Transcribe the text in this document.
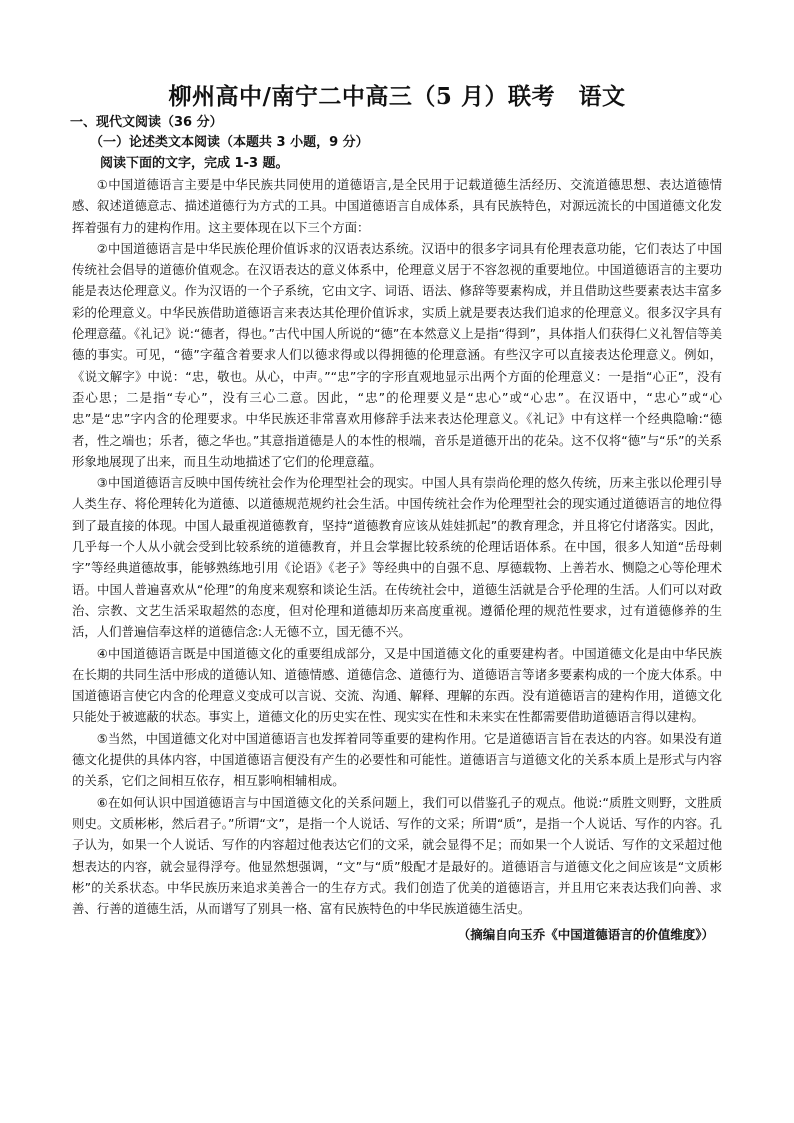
柳州高中/南宁二中高三（5 月）联考　语文

一、现代文阅读（36 分）

（一）论述类文本阅读（本题共 3 小题，9 分）

阅读下面的文字，完成 1-3 题。

①中国道德语言主要是中华民族共同使用的道德语言,是全民用于记载道德生活经历、交流道德思想、表达道德情感、叙述道德意志、描述道德行为方式的工具。中国道德语言自成体系，具有民族特色，对源远流长的中国道德文化发挥着强有力的建构作用。这主要体现在以下三个方面：

②中国道德语言是中华民族伦理价值诉求的汉语表达系统。汉语中的很多字词具有伦理表意功能，它们表达了中国传统社会倡导的道德价值观念。在汉语表达的意义体系中，伦理意义居于不容忽视的重要地位。中国道德语言的主要功能是表达伦理意义。作为汉语的一个子系统，它由文字、词语、语法、修辞等要素构成，并且借助这些要素表达丰富多彩的伦理意义。中华民族借助道德语言来表达其伦理价值诉求，实质上就是要表达我们追求的伦理意义。很多汉字具有伦理意蕴。《礼记》说:“德者，得也。”古代中国人所说的“德”在本然意义上是指“得到”，具体指人们获得仁义礼智信等美德的事实。可见，“德”字蕴含着要求人们以德求得或以得拥德的伦理意涵。有些汉字可以直接表达伦理意义。例如，《说文解字》中说：“忠，敬也。从心，中声。”“忠”字的字形直观地显示出两个方面的伦理意义：一是指“心正”，没有歪心思；二是指“专心”，没有三心二意。因此，“忠”的伦理要义是“忠心”或“心忠”。在汉语中，“忠心”或“心忠”是“忠”字内含的伦理要求。中华民族还非常喜欢用修辞手法来表达伦理意义。《礼记》中有这样一个经典隐喻:“德者，性之端也；乐者，德之华也。”其意指道德是人的本性的根端，音乐是道德开出的花朵。这不仅将“德”与“乐”的关系形象地展现了出来，而且生动地描述了它们的伦理意蕴。

③中国道德语言反映中国传统社会作为伦理型社会的现实。中国人具有崇尚伦理的悠久传统，历来主张以伦理引导人类生存、将伦理转化为道德、以道德规范规约社会生活。中国传统社会作为伦理型社会的现实通过道德语言的地位得到了最直接的体现。中国人最重视道德教育，坚持“道德教育应该从娃娃抓起”的教育理念，并且将它付诸落实。因此，几乎每一个人从小就会受到比较系统的道德教育，并且会掌握比较系统的伦理话语体系。在中国，很多人知道“岳母刺字”等经典道德故事，能够熟练地引用《论语》《老子》等经典中的自强不息、厚德载物、上善若水、恻隐之心等伦理术语。中国人普遍喜欢从“伦理”的角度来观察和谈论生活。在传统社会中，道德生活就是合乎伦理的生活。人们可以对政治、宗教、文艺生活采取超然的态度，但对伦理和道德却历来高度重视。遵循伦理的规范性要求，过有道德修养的生活，人们普遍信奉这样的道德信念:人无德不立，国无德不兴。

④中国道德语言既是中国道德文化的重要组成部分，又是中国道德文化的重要建构者。中国道德文化是由中华民族在长期的共同生活中形成的道德认知、道德情感、道德信念、道德行为、道德语言等诸多要素构成的一个庞大体系。中国道德语言使它内含的伦理意义变成可以言说、交流、沟通、解释、理解的东西。没有道德语言的建构作用，道德文化只能处于被遮蔽的状态。事实上，道德文化的历史实在性、现实实在性和未来实在性都需要借助道德语言得以建构。

⑤当然，中国道德文化对中国道德语言也发挥着同等重要的建构作用。它是道德语言旨在表达的内容。如果没有道德文化提供的具体内容，中国道德语言便没有产生的必要性和可能性。道德语言与道德文化的关系本质上是形式与内容的关系，它们之间相互依存，相互影响相辅相成。

⑥在如何认识中国道德语言与中国道德文化的关系问题上，我们可以借鉴孔子的观点。他说:“质胜文则野，文胜质则史。文质彬彬，然后君子。”所谓“文”，是指一个人说话、写作的文采；所谓“质”，是指一个人说话、写作的内容。孔子认为，如果一个人说话、写作的内容超过他表达它们的文采，就会显得不足；而如果一个人说话、写作的文采超过他想表达的内容，就会显得浮夸。他显然想强调，“文”与“质”般配才是最好的。道德语言与道德文化之间应该是“文质彬彬”的关系状态。中华民族历来追求美善合一的生存方式。我们创造了优美的道德语言，并且用它来表达我们向善、求善、行善的道德生活，从而谱写了别具一格、富有民族特色的中华民族道德生活史。

（摘编自向玉乔《中国道德语言的价值维度》）
